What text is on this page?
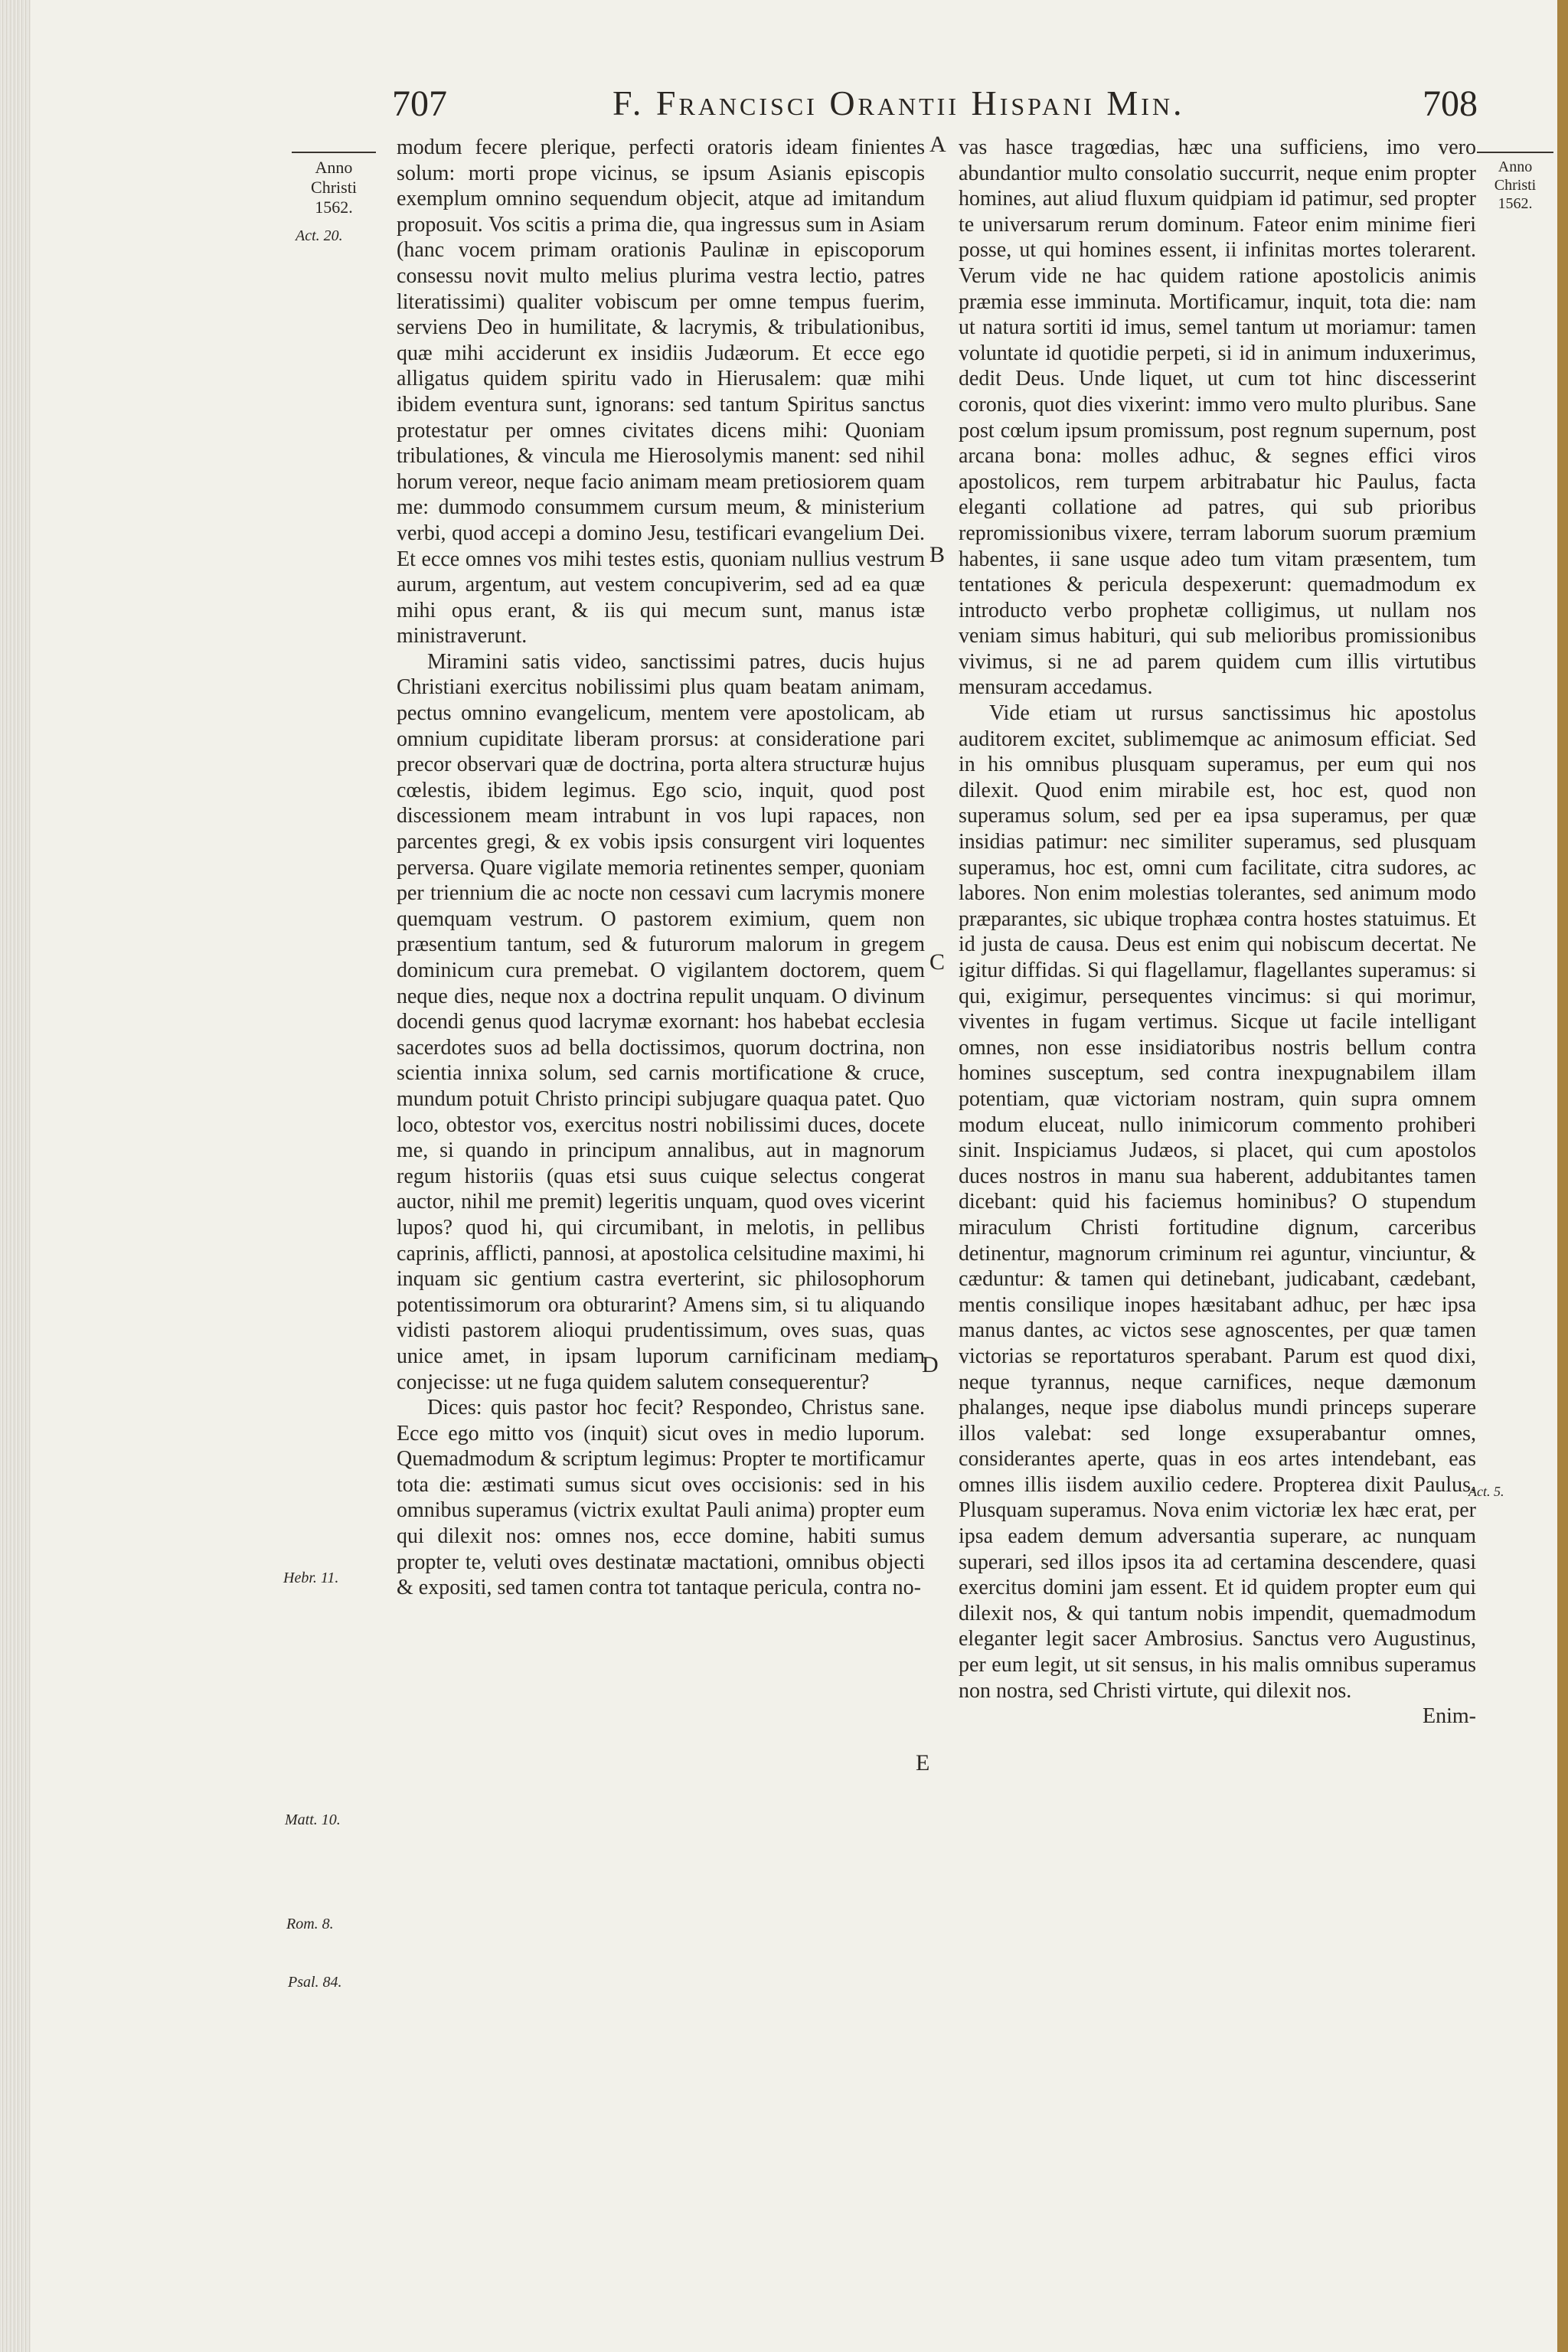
707	F. Francisci Orantii Hispani Min.	708
Anno
Christi
1562.
Act. 20.
Hebr. 11.
Matt. 10.
Rom. 8.
Psal. 84.
Act. 5.
Anno
Christi
1562.
A
B
C
D
E

modum fecere plerique, perfecti oratoris ideam finientes solum: morti prope vicinus, se ipsum Asianis episcopis exemplum omnino sequendum objecit, atque ad imitandum proposuit. Vos scitis a prima die, qua ingressus sum in Asiam (hanc vocem primam orationis Paulinæ in episcoporum consessu novit multo melius plurima vestra lectio, patres literatissimi) qualiter vobiscum per omne tempus fuerim, serviens Deo in humilitate, & lacrymis, & tribulationibus, quæ mihi acciderunt ex insidiis Judæorum. Et ecce ego alligatus quidem spiritu vado in Hierusalem: quæ mihi ibidem eventura sunt, ignorans: sed tantum Spiritus sanctus protestatur per omnes civitates dicens mihi: Quoniam tribulationes, & vincula me Hierosolymis manent: sed nihil horum vereor, neque facio animam meam pretiosiorem quam me: dummodo consummem cursum meum, & ministerium verbi, quod accepi a domino Jesu, testificari evangelium Dei. Et ecce omnes vos mihi testes estis, quoniam nullius vestrum aurum, argentum, aut vestem concupiverim, sed ad ea quæ mihi opus erant, & iis qui mecum sunt, manus istæ ministraverunt.

Miramini satis video, sanctissimi patres, ducis hujus Christiani exercitus nobilissimi plus quam beatam animam, pectus omnino evangelicum, mentem vere apostolicam, ab omnium cupiditate liberam prorsus: at consideratione pari precor observari quæ de doctrina, porta altera structuræ hujus cœlestis, ibidem legimus. Ego scio, inquit, quod post discessionem meam intrabunt in vos lupi rapaces, non parcentes gregi, & ex vobis ipsis consurgent viri loquentes perversa. Quare vigilate memoria retinentes semper, quoniam per triennium die ac nocte non cessavi cum lacrymis monere quemquam vestrum. O pastorem eximium, quem non præsentium tantum, sed & futurorum malorum in gregem dominicum cura premebat. O vigilantem doctorem, quem neque dies, neque nox a doctrina repulit unquam. O divinum docendi genus quod lacrymæ exornant: hos habebat ecclesia sacerdotes suos ad bella doctissimos, quorum doctrina, non scientia innixa solum, sed carnis mortificatione & cruce, mundum potuit Christo principi subjugare quaqua patet. Quo loco, obtestor vos, exercitus nostri nobilissimi duces, docete me, si quando in principum annalibus, aut in magnorum regum historiis (quas etsi suus cuique selectus congerat auctor, nihil me premit) legeritis unquam, quod oves vicerint lupos? quod hi, qui circumibant, in melotis, in pellibus caprinis, afflicti, pannosi, at apostolica celsitudine maximi, hi inquam sic gentium castra everterint, sic philosophorum potentissimorum ora obturarint? Amens sim, si tu aliquando vidisti pastorem alioqui prudentissimum, oves suas, quas unice amet, in ipsam luporum carnificinam mediam conjecisse: ut ne fuga quidem salutem consequerentur?

Dices: quis pastor hoc fecit? Respondeo, Christus sane. Ecce ego mitto vos (inquit) sicut oves in medio luporum. Quemadmodum & scriptum legimus: Propter te mortificamur tota die: æstimati sumus sicut oves occisionis: sed in his omnibus superamus (victrix exultat Pauli anima) propter eum qui dilexit nos: omnes nos, ecce domine, habiti sumus propter te, veluti oves destinatæ mactationi, omnibus objecti & expositi, sed tamen contra tot tantaque pericula, contra no-

vas hasce tragœdias, hæc una sufficiens, imo vero abundantior multo consolatio succurrit, neque enim propter homines, aut aliud fluxum quidpiam id patimur, sed propter te universarum rerum dominum. Fateor enim minime fieri posse, ut qui homines essent, ii infinitas mortes tolerarent. Verum vide ne hac quidem ratione apostolicis animis præmia esse imminuta. Mortificamur, inquit, tota die: nam ut natura sortiti id imus, semel tantum ut moriamur: tamen voluntate id quotidie perpeti, si id in animum induxerimus, dedit Deus. Unde liquet, ut cum tot hinc discesserint coronis, quot dies vixerint: immo vero multo pluribus. Sane post cœlum ipsum promissum, post regnum supernum, post arcana bona: molles adhuc, & segnes effici viros apostolicos, rem turpem arbitrabatur hic Paulus, facta eleganti collatione ad patres, qui sub prioribus repromissionibus vixere, terram laborum suorum præmium habentes, ii sane usque adeo tum vitam præsentem, tum tentationes & pericula despexerunt: quemadmodum ex introducto verbo prophetæ colligimus, ut nullam nos veniam simus habituri, qui sub melioribus promissionibus vivimus, si ne ad parem quidem cum illis virtutibus mensuram accedamus.

Vide etiam ut rursus sanctissimus hic apostolus auditorem excitet, sublimemque ac animosum efficiat. Sed in his omnibus plusquam superamus, per eum qui nos dilexit. Quod enim mirabile est, hoc est, quod non superamus solum, sed per ea ipsa superamus, per quæ insidias patimur: nec similiter superamus, sed plusquam superamus, hoc est, omni cum facilitate, citra sudores, ac labores. Non enim molestias tolerantes, sed animum modo præparantes, sic ubique trophæa contra hostes statuimus. Et id justa de causa. Deus est enim qui nobiscum decertat. Ne igitur diffidas. Si qui flagellamur, flagellantes superamus: si qui, exigimur, persequentes vincimus: si qui morimur, viventes in fugam vertimus. Sicque ut facile intelligant omnes, non esse insidiatoribus nostris bellum contra homines susceptum, sed contra inexpugnabilem illam potentiam, quæ victoriam nostram, quin supra omnem modum eluceat, nullo inimicorum commento prohiberi sinit. Inspiciamus Judæos, si placet, qui cum apostolos duces nostros in manu sua haberent, addubitantes tamen dicebant: quid his faciemus hominibus? O stupendum miraculum Christi fortitudine dignum, carceribus detinentur, magnorum criminum rei aguntur, vinciuntur, & cæduntur: & tamen qui detinebant, judicabant, cædebant, mentis consilique inopes hæsitabant adhuc, per hæc ipsa manus dantes, ac victos sese agnoscentes, per quæ tamen victorias se reportaturos sperabant. Parum est quod dixi, neque tyrannus, neque carnifices, neque dæmonum phalanges, neque ipse diabolus mundi princeps superare illos valebat: sed longe exsuperabantur omnes, considerantes aperte, quas in eos artes intendebant, eas omnes illis iisdem auxilio cedere. Propterea dixit Paulus. Plusquam superamus. Nova enim victoriæ lex hæc erat, per ipsa eadem demum adversantia superare, ac nunquam superari, sed illos ipsos ita ad certamina descendere, quasi exercitus domini jam essent. Et id quidem propter eum qui dilexit nos, & qui tantum nobis impendit, quemadmodum eleganter legit sacer Ambrosius. Sanctus vero Augustinus, per eum legit, ut sit sensus, in his malis omnibus superamus non nostra, sed Christi virtute, qui dilexit nos.

Enim-
